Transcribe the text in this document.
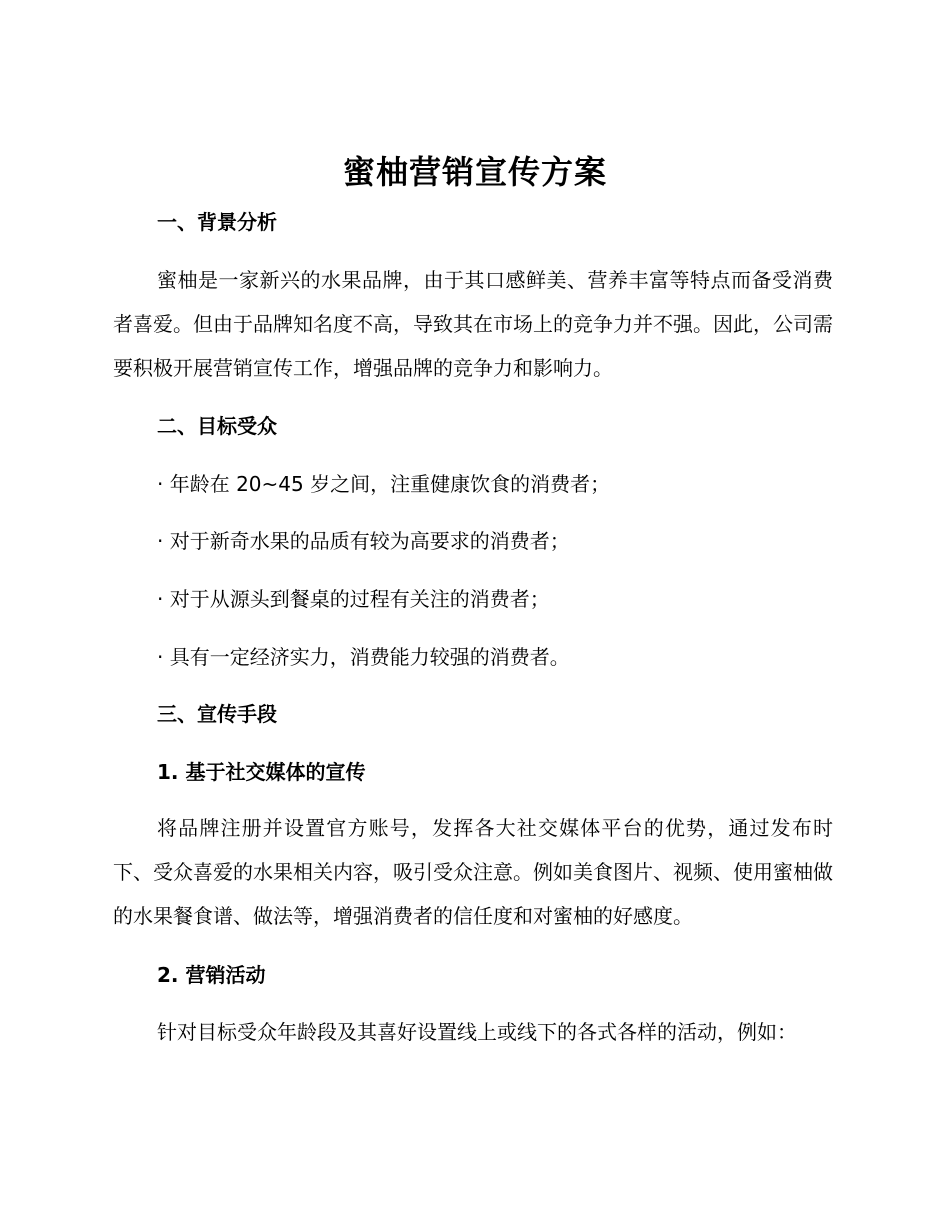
蜜柚营销宣传方案
一、背景分析
蜜柚是一家新兴的水果品牌，由于其口感鲜美、营养丰富等特点而备受消费者喜爱。但由于品牌知名度不高，导致其在市场上的竞争力并不强。因此，公司需要积极开展营销宣传工作，增强品牌的竞争力和影响力。
二、目标受众
· 年龄在 20~45 岁之间，注重健康饮食的消费者；
· 对于新奇水果的品质有较为高要求的消费者；
· 对于从源头到餐桌的过程有关注的消费者；
· 具有一定经济实力，消费能力较强的消费者。
三、宣传手段
1. 基于社交媒体的宣传
将品牌注册并设置官方账号，发挥各大社交媒体平台的优势，通过发布时下、受众喜爱的水果相关内容，吸引受众注意。例如美食图片、视频、使用蜜柚做的水果餐食谱、做法等，增强消费者的信任度和对蜜柚的好感度。
2. 营销活动
针对目标受众年龄段及其喜好设置线上或线下的各式各样的活动，例如：
